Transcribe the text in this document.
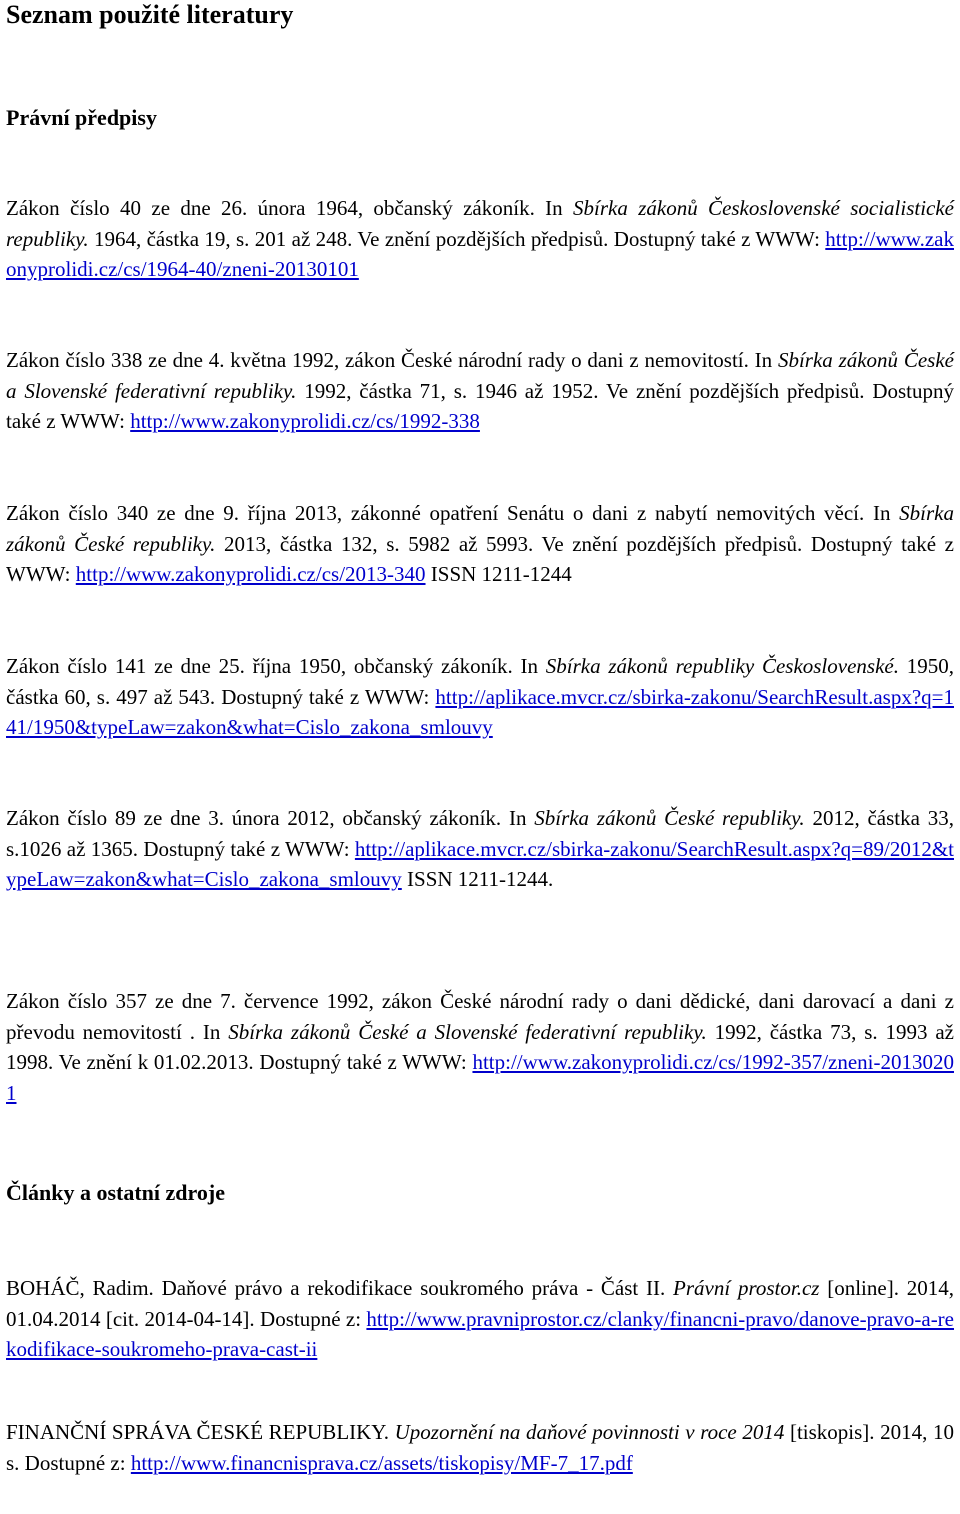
Seznam použité literatury
Právní předpisy

Zákon číslo 40 ze dne 26. února 1964, občanský zákoník. In Sbírka zákonů Československé socialistické republiky. 1964, částka 19, s. 201 až 248. Ve znění pozdějších předpisů. Dostupný také z WWW: http://www.zakonyprolidi.cz/cs/1964-40/zneni-20130101

Zákon číslo 338 ze dne 4. května 1992, zákon České národní rady o dani z nemovitostí. In Sbírka zákonů České a Slovenské federativní republiky. 1992, částka 71, s. 1946 až 1952. Ve znění pozdějších předpisů. Dostupný také z WWW: http://www.zakonyprolidi.cz/cs/1992-338

Zákon číslo 340 ze dne 9. října 2013, zákonné opatření Senátu o dani z nabytí nemovitých věcí. In Sbírka zákonů České republiky. 2013, částka 132, s. 5982 až 5993. Ve znění pozdějších předpisů. Dostupný také z WWW: http://www.zakonyprolidi.cz/cs/2013-340 ISSN 1211-1244

Zákon číslo 141 ze dne 25. října 1950, občanský zákoník. In Sbírka zákonů republiky Československé. 1950, částka 60, s. 497 až 543. Dostupný také z WWW: http://aplikace.mvcr.cz/sbirka-zakonu/SearchResult.aspx?q=141/1950&typeLaw=zakon&what=Cislo_zakona_smlouvy

Zákon číslo 89 ze dne 3. února 2012, občanský zákoník. In Sbírka zákonů České republiky. 2012, částka 33, s.1026 až 1365. Dostupný také z WWW: http://aplikace.mvcr.cz/sbirka-zakonu/SearchResult.aspx?q=89/2012&typeLaw=zakon&what=Cislo_zakona_smlouvy ISSN 1211-1244.

Zákon číslo 357 ze dne 7. července 1992, zákon České národní rady o dani dědické, dani darovací a dani z převodu nemovitostí . In Sbírka zákonů České a Slovenské federativní republiky. 1992, částka 73, s. 1993 až 1998. Ve znění k 01.02.2013. Dostupný také z WWW: http://www.zakonyprolidi.cz/cs/1992-357/zneni-20130201

Články a ostatní zdroje

BOHÁČ, Radim. Daňové právo a rekodifikace soukromého práva - Část II. Právní prostor.cz [online]. 2014, 01.04.2014 [cit. 2014-04-14]. Dostupné z: http://www.pravniprostor.cz/clanky/financni-pravo/danove-pravo-a-rekodifikace-soukromeho-prava-cast-ii

FINANČNÍ SPRÁVA ČESKÉ REPUBLIKY. Upozornění na daňové povinnosti v roce 2014 [tiskopis]. 2014, 10 s. Dostupné z: http://www.financnisprava.cz/assets/tiskopisy/MF-7_17.pdf
